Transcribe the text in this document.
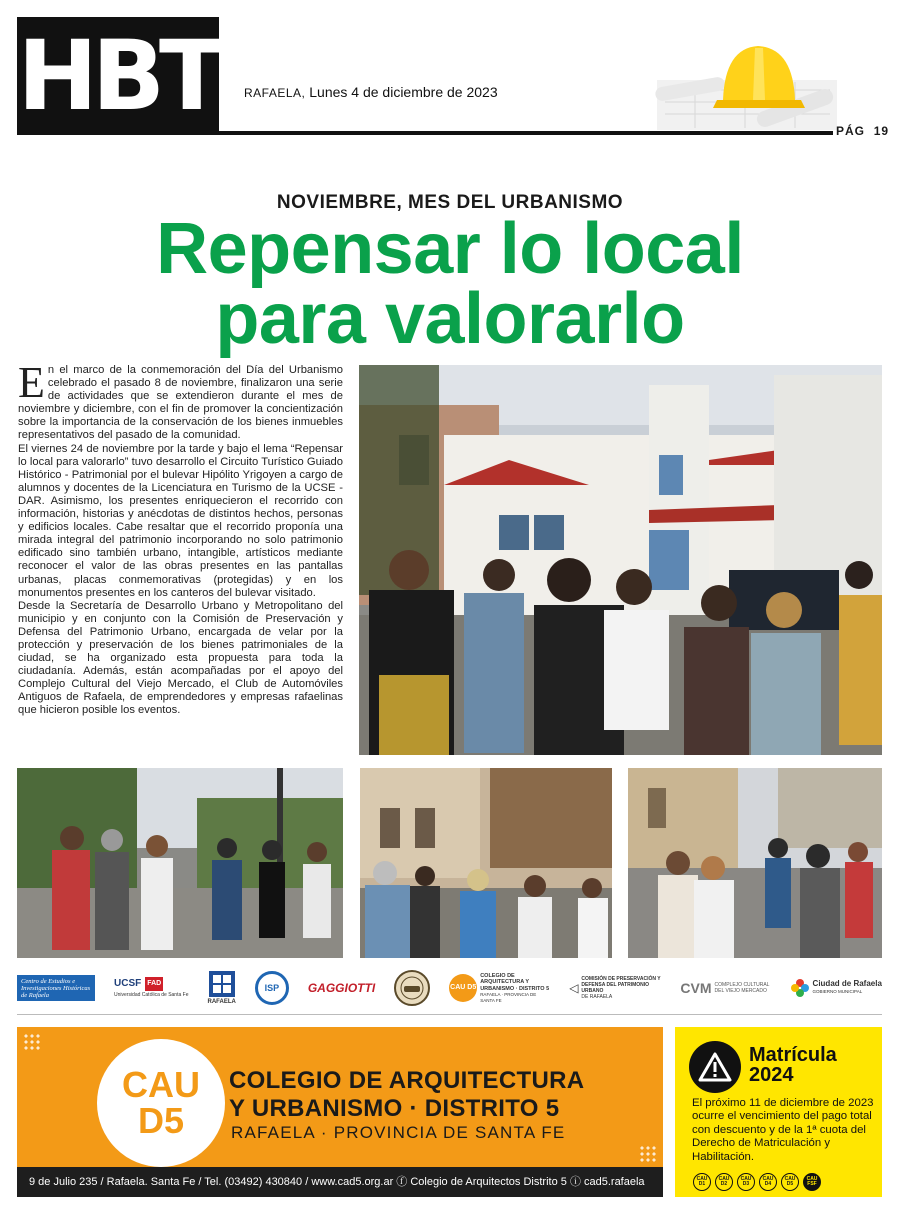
HBT RAFAELA, Lunes 4 de diciembre de 2023
PÁG 19
NOVIEMBRE, MES DEL URBANISMO
Repensar lo local
para valorarlo

En el marco de la conmemoración del Día del Urbanismo celebrado el pasado 8 de noviembre, finalizaron una serie de actividades que se extendieron durante el mes de noviembre y diciembre, con el fin de promover la concientización sobre la importancia de la conservación de los bienes inmuebles representativos del pasado de la comunidad.

El viernes 24 de noviembre por la tarde y bajo el lema “Repensar lo local para valorarlo” tuvo desarrollo el Circuito Turístico Guiado Histórico - Patrimonial por el bulevar Hipólito Yrigoyen a cargo de alumnos y docentes de la Licenciatura en Turismo de la UCSE - DAR. Asimismo, los presentes enriquecieron el recorrido con información, historias y anécdotas de distintos hechos, personas y edificios locales. Cabe resaltar que el recorrido proponía una mirada integral del patrimonio incorporando no solo patrimonio edificado sino también urbano, intangible, artísticos mediante reconocer el valor de las obras presentes en las pantallas urbanas, placas conmemorativas (protegidas) y en los monumentos presentes en los canteros del bulevar visitado.

Desde la Secretaría de Desarrollo Urbano y Metropolitano del municipio y en conjunto con la Comisión de Preservación y Defensa del Patrimonio Urbano, encargada de velar por la protección y preservación de los bienes patrimoniales de la ciudad, se ha organizado esta propuesta para toda la ciudadanía. Además, están acompañadas por el apoyo del Complejo Cultural del Viejo Mercado, el Club de Automóviles Antiguos de Rafaela, de emprendedores y empresas rafaelinas que hicieron posible los eventos.

Centro de Estudios e Investigaciones Históricas de Rafaela
UCSF FAD
Universidad Católica de Santa Fe
RAFAELA
ISP	GAGGIOTTI	CAU D5
COLEGIO DE ARQUITECTURA Y URBANISMO · DISTRITO 5
RAFAELA · PROVINCIA DE SANTA FE
◁
COMISIÓN DE PRESERVACIÓN Y DEFENSA DEL PATRIMONIO URBANO
DE RAFAELA
CVM COMPLEJO CULTURAL DEL VIEJO MERCADO
Ciudad de Rafaela
GOBIERNO MUNICIPAL
CAU
D5
COLEGIO DE ARQUITECTURA
Y URBANISMO · DISTRITO 5
RAFAELA · PROVINCIA DE SANTA FE
9 de Julio 235 / Rafaela. Santa Fe / Tel. (03492) 430840 / www.cad5.org.ar ⓕ Colegio de Arquitectos Distrito 5 ⓘ cad5.rafaela
Matrícula 2024
El próximo 11 de diciembre de 2023 ocurre el vencimiento del pago total con descuento y de la 1ª cuota del Derecho de Matriculación y Habilitación.
CAU D1
CAU D2
CAU D3
CAU D4
CAU D5
CAU FSF
